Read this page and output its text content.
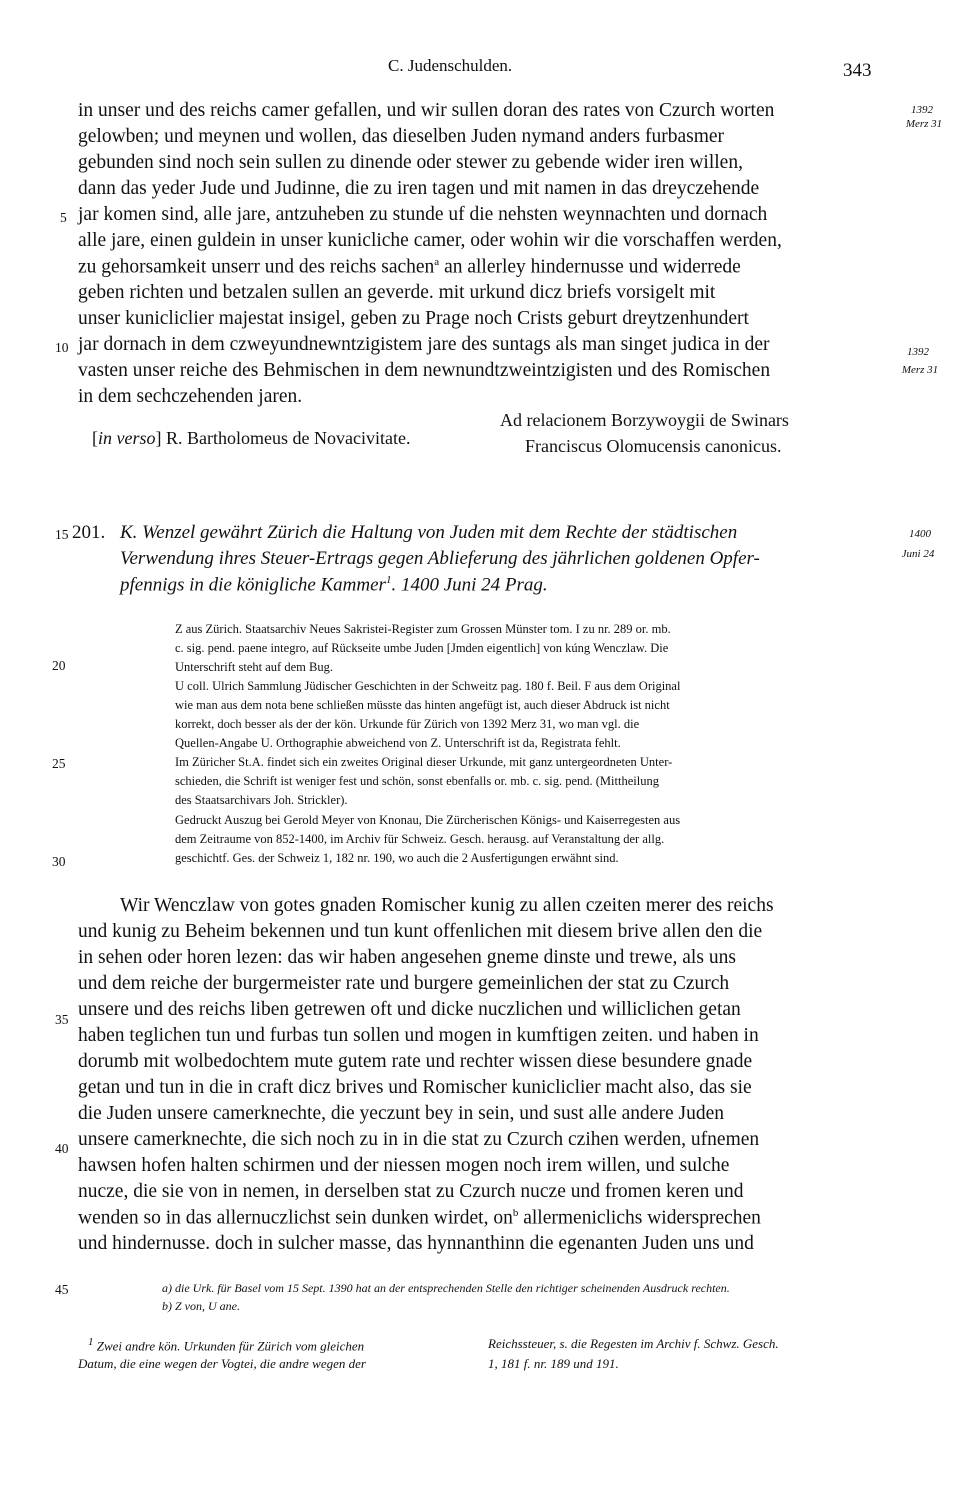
C. Judenschulden.	343
in unser und des reichs camer gefallen, und wir sullen doran des rates von Czurch worten
gelowben; und meynen und wollen, das dieselben Juden nymand anders furbasmer
gebunden sind noch sein sullen zu dinende oder stewer zu gebende wider iren willen,
dann das yeder Jude und Judinne, die zu iren tagen und mit namen in das dreyczehende
jar komen sind, alle jare, antzuheben zu stunde uf die nehsten weynnachten und dornach
alle jare, einen guldein in unser kunicliche camer, oder wohin wir die vorschaffen werden,
zu gehorsamkeit unserr und des reichs sachen$^a$ an allerley hindernusse und widerrede
geben richten und betzalen sullen an geverde. mit urkund dicz briefs vorsigelt mit
unser kunicliclier majestat insigel, geben zu Prage noch Crists geburt dreytzenhundert
jar dornach in dem czweyundnewntzigistem jare des suntags als man singet judica in der
vasten unser reiche des Behmischen in dem newnundtzweintzigisten und des Romischen
in dem sechczehenden jaren.
[in verso] R. Bartholomeus de Novacivitate.
Ad relacionem Borzywoygii de Swinars
Franciscus Olomucensis canonicus.
1392
Merz 31
1392
Merz 31
5
10
15
20
25
30
35
40
45
201. K. Wenzel gewährt Zürich die Haltung von Juden mit dem Rechte der städtischen
Verwendung ihres Steuer-Ertrags gegen Ablieferung des jährlichen goldenen Opfer-
pfennigs in die königliche Kammer$^1$. 1400 Juni 24 Prag.
1400
Juni 24
Z aus Zürich. Staatsarchiv Neues Sakristei-Register zum Grossen Münster tom. I zu nr. 289 or. mb.
c. sig. pend. paene integro, auf Rückseite umbe Juden [Jmden eigentlich] von kúng Wenczlaw. Die
Unterschrift steht auf dem Bug.
U coll. Ulrich Sammlung Jüdischer Geschichten in der Schweitz pag. 180 f. Beil. F aus dem Original
wie man aus dem nota bene schließen müsste das hinten angefügt ist, auch dieser Abdruck ist nicht
korrekt, doch besser als der der kön. Urkunde für Zürich von 1392 Merz 31, wo man vgl. die
Quellen-Angabe U. Orthographie abweichend von Z. Unterschrift ist da, Registrata fehlt.
Im Züricher St.A. findet sich ein zweites Original dieser Urkunde, mit ganz untergeordneten Unter-
schieden, die Schrift ist weniger fest und schön, sonst ebenfalls or. mb. c. sig. pend. (Mittheilung
des Staatsarchivars Joh. Strickler).
Gedruckt Auszug bei Gerold Meyer von Knonau, Die Zürcherischen Königs- und Kaiserregesten aus
dem Zeitraume von 852-1400, im Archiv für Schweiz. Gesch. herausg. auf Veranstaltung der allg.
geschichtf. Ges. der Schweiz 1, 182 nr. 190, wo auch die 2 Ausfertigungen erwähnt sind.
Wir Wenczlaw von gotes gnaden Romischer kunig zu allen czeiten merer des reichs
und kunig zu Beheim bekennen und tun kunt offenlichen mit diesem brive allen den die
in sehen oder horen lezen: das wir haben angesehen gneme dinste und trewe, als uns
und dem reiche der burgermeister rate und burgere gemeinlichen der stat zu Czurch
unsere und des reichs liben getrewen oft und dicke nuczlichen und williclichen getan
haben teglichen tun und furbas tun sollen und mogen in kumftigen zeiten. und haben in
dorumb mit wolbedochtem mute gutem rate und rechter wissen diese besundere gnade
getan und tun in die in craft dicz brives und Romischer kunicliclier macht also, das sie
die Juden unsere camerknechte, die yeczunt bey in sein, und sust alle andere Juden
unsere camerknechte, die sich noch zu in in die stat zu Czurch czihen werden, ufnemen
hawsen hofen halten schirmen und der niessen mogen noch irem willen, und sulche
nucze, die sie von in nemen, in derselben stat zu Czurch nucze und fromen keren und
wenden so in das allernuczlichst sein dunken wirdet, $on^b$ allermeniclichs widersprechen
und hindernusse. doch in sulcher masse, das hynnanthinn die egenanten Juden uns und
a) die Urk. für Basel vom 15 Sept. 1390 hat an der entsprechenden Stelle den richtiger scheinenden Ausdruck rechten.
b) Z von, U ane.
$^1$ Zwei andre kön. Urkunden für Zürich vom gleichen
Datum, die eine wegen der Vogtei, die andre wegen der
Reichssteuer, s. die Regesten im Archiv f. Schwz. Gesch.
1, 181 f. nr. 189 und 191.
